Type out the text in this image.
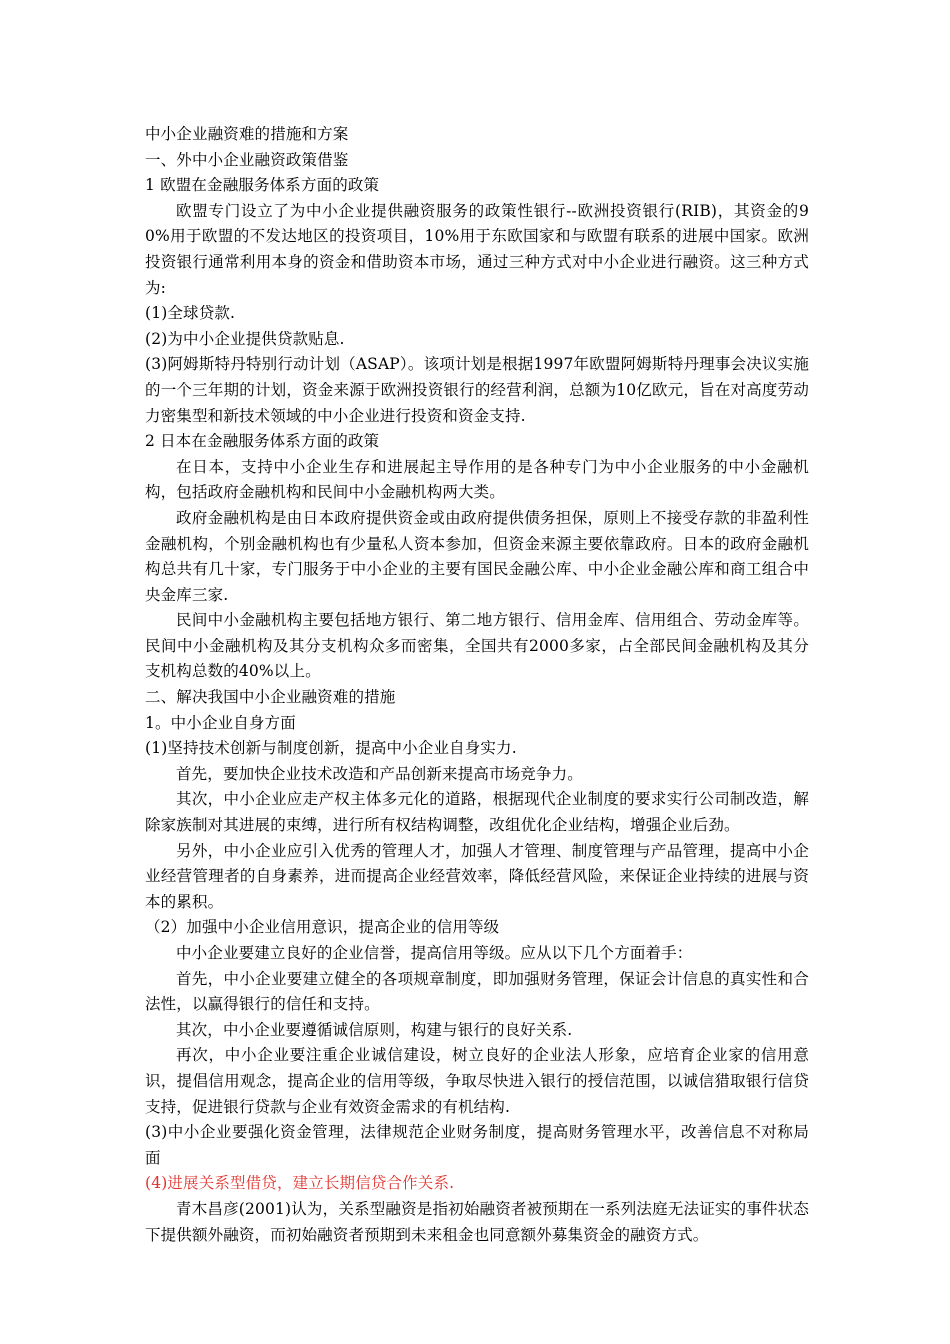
中小企业融资难的措施和方案
一、外中小企业融资政策借鉴
1 欧盟在金融服务体系方面的政策
欧盟专门设立了为中小企业提供融资服务的政策性银行--欧洲投资银行(RIB)，其资金的90%用于欧盟的不发达地区的投资项目，10%用于东欧国家和与欧盟有联系的进展中国家。欧洲投资银行通常利用本身的资金和借助资本市场，通过三种方式对中小企业进行融资。这三种方式为:
(1)全球贷款.
(2)为中小企业提供贷款贴息.
(3)阿姆斯特丹特别行动计划（ASAP）。该项计划是根据1997年欧盟阿姆斯特丹理事会决议实施的一个三年期的计划，资金来源于欧洲投资银行的经营利润，总额为10亿欧元，旨在对高度劳动力密集型和新技术领域的中小企业进行投资和资金支持.
2 日本在金融服务体系方面的政策
在日本，支持中小企业生存和进展起主导作用的是各种专门为中小企业服务的中小金融机构，包括政府金融机构和民间中小金融机构两大类。
政府金融机构是由日本政府提供资金或由政府提供债务担保，原则上不接受存款的非盈利性金融机构，个别金融机构也有少量私人资本参加，但资金来源主要依靠政府。日本的政府金融机构总共有几十家，专门服务于中小企业的主要有国民金融公库、中小企业金融公库和商工组合中央金库三家.
民间中小金融机构主要包括地方银行、第二地方银行、信用金库、信用组合、劳动金库等。民间中小金融机构及其分支机构众多而密集，全国共有2000多家，占全部民间金融机构及其分支机构总数的40%以上。
二、解决我国中小企业融资难的措施
1。中小企业自身方面
(1)坚持技术创新与制度创新，提高中小企业自身实力.
首先，要加快企业技术改造和产品创新来提高市场竞争力。
其次，中小企业应走产权主体多元化的道路，根据现代企业制度的要求实行公司制改造，解除家族制对其进展的束缚，进行所有权结构调整，改组优化企业结构，增强企业后劲。
另外，中小企业应引入优秀的管理人才，加强人才管理、制度管理与产品管理，提高中小企业经营管理者的自身素养，进而提高企业经营效率，降低经营风险，来保证企业持续的进展与资本的累积。
（2）加强中小企业信用意识，提高企业的信用等级
中小企业要建立良好的企业信誉，提高信用等级。应从以下几个方面着手：
首先，中小企业要建立健全的各项规章制度，即加强财务管理，保证会计信息的真实性和合法性，以赢得银行的信任和支持。
其次，中小企业要遵循诚信原则，构建与银行的良好关系.
再次，中小企业要注重企业诚信建设，树立良好的企业法人形象，应培育企业家的信用意识，提倡信用观念，提高企业的信用等级，争取尽快进入银行的授信范围，以诚信猎取银行信贷支持，促进银行贷款与企业有效资金需求的有机结构.
(3)中小企业要强化资金管理，法律规范企业财务制度，提高财务管理水平，改善信息不对称局面
(4)进展关系型借贷，建立长期信贷合作关系.
青木昌彦(2001)认为，关系型融资是指初始融资者被预期在一系列法庭无法证实的事件状态下提供额外融资，而初始融资者预期到未来租金也同意额外募集资金的融资方式。
